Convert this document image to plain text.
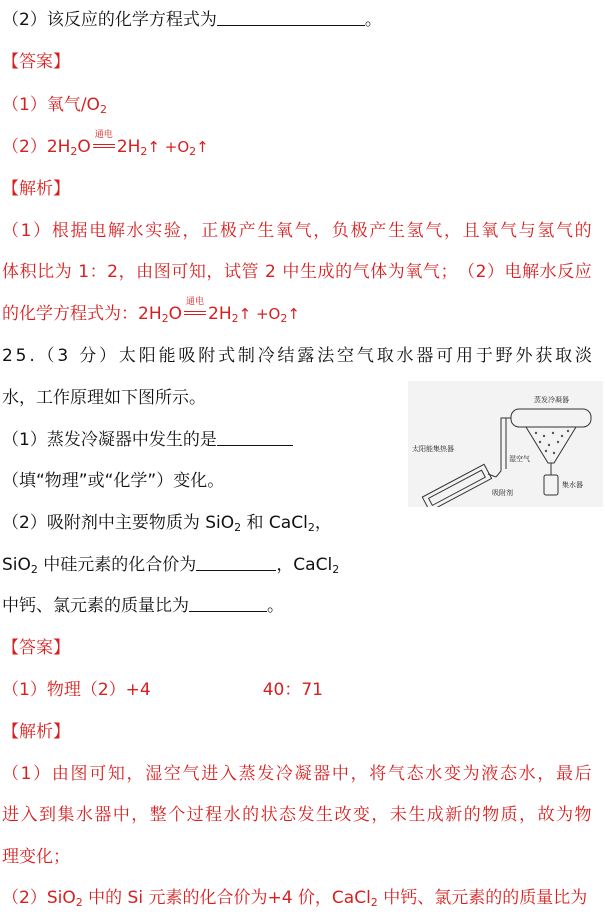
（2）该反应的化学方程式为	。
【答案】
（1）氧气$/O_2$
$(2)2H_2O$
通电
$2H_2↑$ $+O_2↑$
【解析】
（ 1 ） 根 据 电 解 水 实 验 ， 正 极 产 生 氧 气 ， 负 极 产 生 氢 气 ， 且 氧 气 与 氢 气 的
体 积 比 为
1 ： 2 ， 由 图 可 知 ， 试 管
2
中 生 成 的 气 体 为 氧 气 ； （ 2 ） 电 解 水 反 应
的化学方程式为：$2H_2O$
通电
$2H_2↑$ $+O_2↑$
2 5 . （ 3
分 ） 太 阳 能 吸 附 式 制 冷 结 露 法 空 气 取 水 器 可 用 于 野 外 获 取 淡
水，工作原理如下图所示。
（1）蒸发冷凝器中发生的是
（填“物理”或“化学”）变化。
（2）吸附剂中主要物质为 SiO$_2$ 和 CaCl$_2$，
SiO$_2$ 中硅元素的化合价为	，CaCl$_2$
中钙、氯元素的质量比为	。
蒸发冷凝器
太阳能集热器
湿空气
吸附剂
集水器
【答案】
（1）物理（2）+4	40：71
【解析】
（ 1 ） 由 图 可 知 ， 湿 空 气 进 入 蒸 发 冷 凝 器 中 ， 将 气 态 水 变 为 液 态 水 ， 最 后
进 入 到 集 水 器 中 ， 整 个 过 程 水 的 状 态 发 生 改 变 ， 未 生 成 新 的 物 质 ， 故 为 物
理变化；
（2）SiO$_2$ 中的 Si 元素的化合价为+4 价，CaCl$_2$ 中钙、氯元素的的质量比为
